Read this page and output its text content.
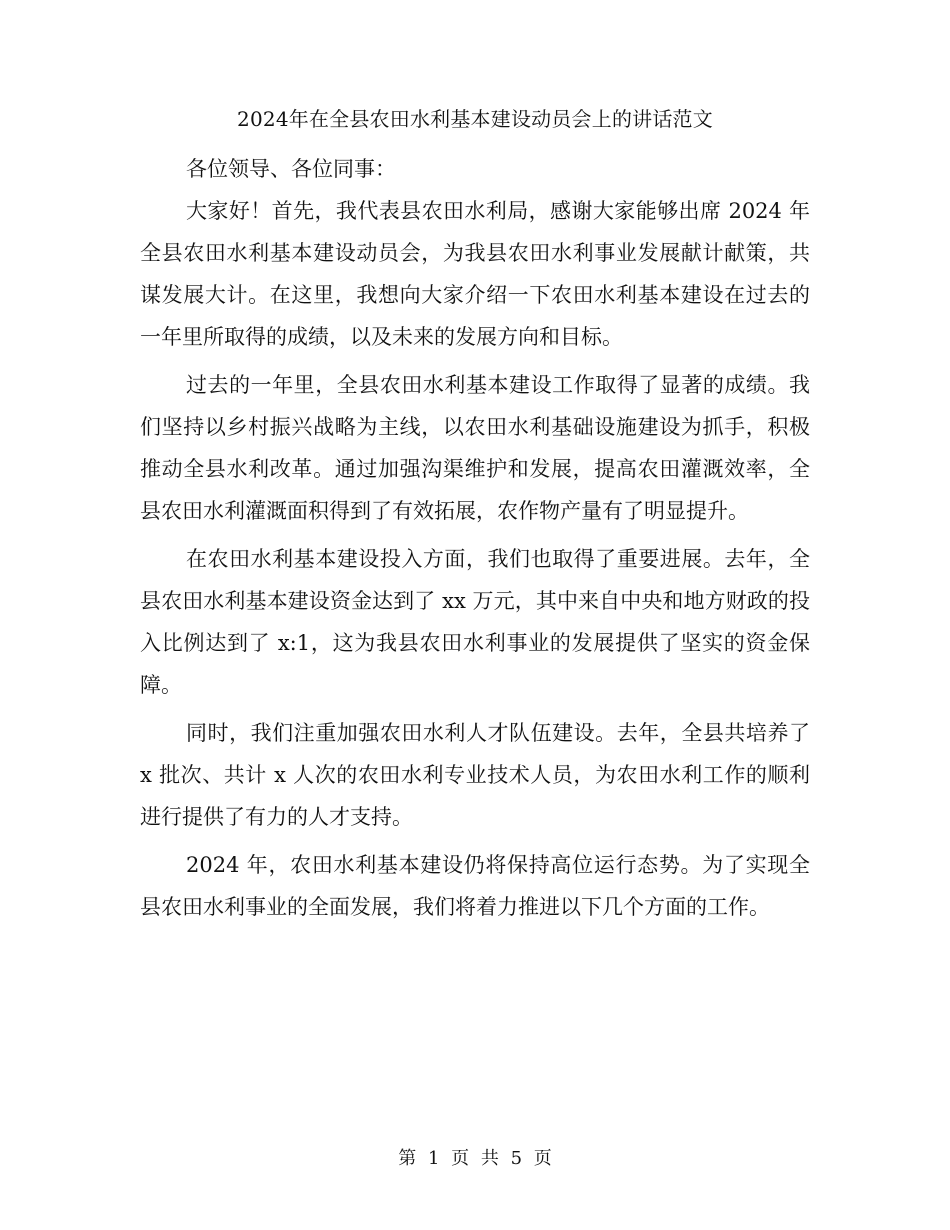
2024年在全县农田水利基本建设动员会上的讲话范文

各位领导、各位同事：

大家好！首先，我代表县农田水利局，感谢大家能够出席 2024 年全县农田水利基本建设动员会，为我县农田水利事业发展献计献策，共谋发展大计。在这里，我想向大家介绍一下农田水利基本建设在过去的一年里所取得的成绩，以及未来的发展方向和目标。

过去的一年里，全县农田水利基本建设工作取得了显著的成绩。我们坚持以乡村振兴战略为主线，以农田水利基础设施建设为抓手，积极推动全县水利改革。通过加强沟渠维护和发展，提高农田灌溉效率，全县农田水利灌溉面积得到了有效拓展，农作物产量有了明显提升。

在农田水利基本建设投入方面，我们也取得了重要进展。去年，全县农田水利基本建设资金达到了 xx 万元，其中来自中央和地方财政的投入比例达到了 x:1，这为我县农田水利事业的发展提供了坚实的资金保障。

同时，我们注重加强农田水利人才队伍建设。去年，全县共培养了 x 批次、共计 x 人次的农田水利专业技术人员，为农田水利工作的顺利进行提供了有力的人才支持。

2024 年，农田水利基本建设仍将保持高位运行态势。为了实现全县农田水利事业的全面发展，我们将着力推进以下几个方面的工作。

第 1 页 共 5 页
